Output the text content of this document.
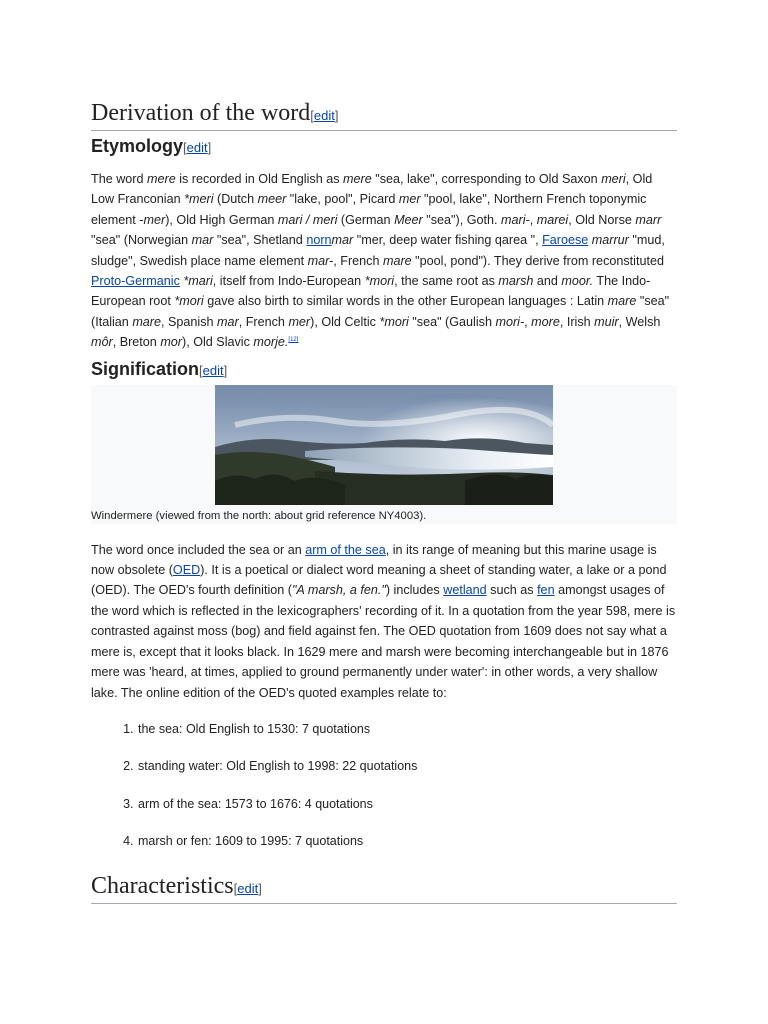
Derivation of the word[edit]
Etymology[edit]

The word mere is recorded in Old English as mere "sea, lake", corresponding to Old Saxon meri, Old Low Franconian *meri (Dutch meer "lake, pool", Picard mer "pool, lake", Northern French toponymic element -mer), Old High German mari / meri (German Meer "sea"), Goth. mari-, marei, Old Norse marr "sea" (Norwegian mar "sea", Shetland nornmar "mer, deep water fishing qarea ", Faroese marrur "mud, sludge", Swedish place name element mar-, French mare "pool, pond"). They derive from reconstituted Proto-Germanic *mari, itself from Indo-European *mori, the same root as marsh and moor. The Indo-European root *mori gave also birth to similar words in the other European languages : Latin mare "sea" (Italian mare, Spanish mar, French mer), Old Celtic *mori "sea" (Gaulish mori-, more, Irish muir, Welsh môr, Breton mor), Old Slavic morje.[12]

Signification[edit]
Windermere (viewed from the north: about grid reference NY4003).

The word once included the sea or an arm of the sea, in its range of meaning but this marine usage is now obsolete (OED). It is a poetical or dialect word meaning a sheet of standing water, a lake or a pond (OED). The OED's fourth definition ("A marsh, a fen.") includes wetland such as fen amongst usages of the word which is reflected in the lexicographers' recording of it. In a quotation from the year 598, mere is contrasted against moss (bog) and field against fen. The OED quotation from 1609 does not say what a mere is, except that it looks black. In 1629 mere and marsh were becoming interchangeable but in 1876 mere was 'heard, at times, applied to ground permanently under water': in other words, a very shallow lake. The online edition of the OED's quoted examples relate to:

1. the sea: Old English to 1530: 7 quotations
2. standing water: Old English to 1998: 22 quotations
3. arm of the sea: 1573 to 1676: 4 quotations
4. marsh or fen: 1609 to 1995: 7 quotations
Characteristics[edit]
